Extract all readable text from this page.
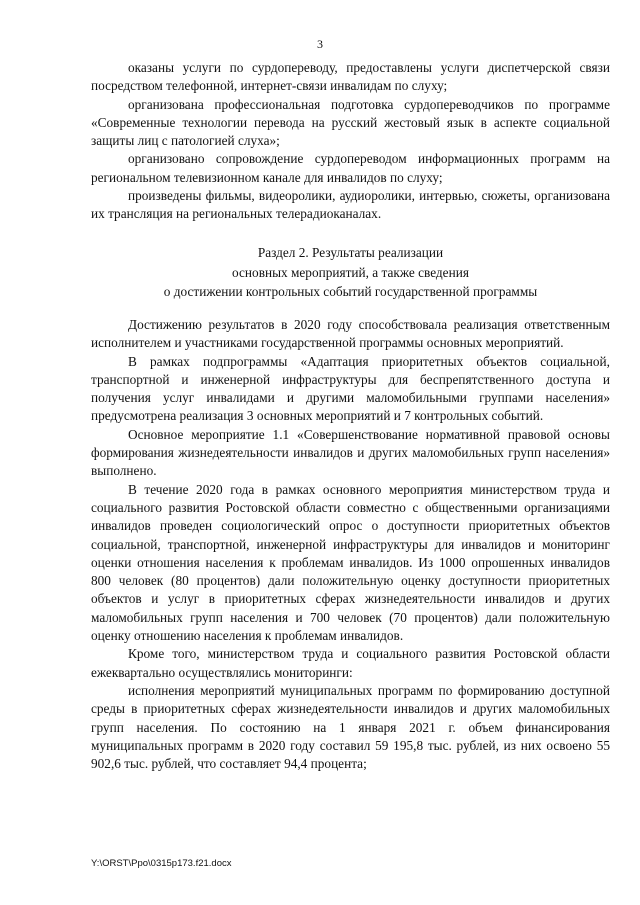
3

оказаны услуги по сурдопереводу, предоставлены услуги диспетчерской связи посредством телефонной, интернет-связи инвалидам по слуху;

организована профессиональная подготовка сурдопереводчиков по программе «Современные технологии перевода на русский жестовый язык в аспекте социальной защиты лиц с патологией слуха»;

организовано сопровождение сурдопереводом информационных программ на региональном телевизионном канале для инвалидов по слуху;

произведены фильмы, видеоролики, аудиоролики, интервью, сюжеты, организована их трансляция на региональных телерадиоканалах.

Раздел 2. Результаты реализации
основных мероприятий, а также сведения
о достижении контрольных событий государственной программы

Достижению результатов в 2020 году способствовала реализация ответственным исполнителем и участниками государственной программы основных мероприятий.

В рамках подпрограммы «Адаптация приоритетных объектов социальной, транспортной и инженерной инфраструктуры для беспрепятственного доступа и получения услуг инвалидами и другими маломобильными группами населения» предусмотрена реализация 3 основных мероприятий и 7 контрольных событий.

Основное мероприятие 1.1 «Совершенствование нормативной правовой основы формирования жизнедеятельности инвалидов и других маломобильных групп населения» выполнено.

В течение 2020 года в рамках основного мероприятия министерством труда и социального развития Ростовской области совместно с общественными организациями инвалидов проведен социологический опрос о доступности приоритетных объектов социальной, транспортной, инженерной инфраструктуры для инвалидов и мониторинг оценки отношения населения к проблемам инвалидов. Из 1000 опрошенных инвалидов 800 человек (80 процентов) дали положительную оценку доступности приоритетных объектов и услуг в приоритетных сферах жизнедеятельности инвалидов и других маломобильных групп населения и 700 человек (70 процентов) дали положительную оценку отношению населения к проблемам инвалидов.

Кроме того, министерством труда и социального развития Ростовской области ежеквартально осуществлялись мониторинги:

исполнения мероприятий муниципальных программ по формированию доступной среды в приоритетных сферах жизнедеятельности инвалидов и других маломобильных групп населения. По состоянию на 1 января 2021 г. объем финансирования муниципальных программ в 2020 году составил 59 195,8 тыс. рублей, из них освоено 55 902,6 тыс. рублей, что составляет 94,4 процента;

Y:\ORST\Ppo\0315p173.f21.docx
